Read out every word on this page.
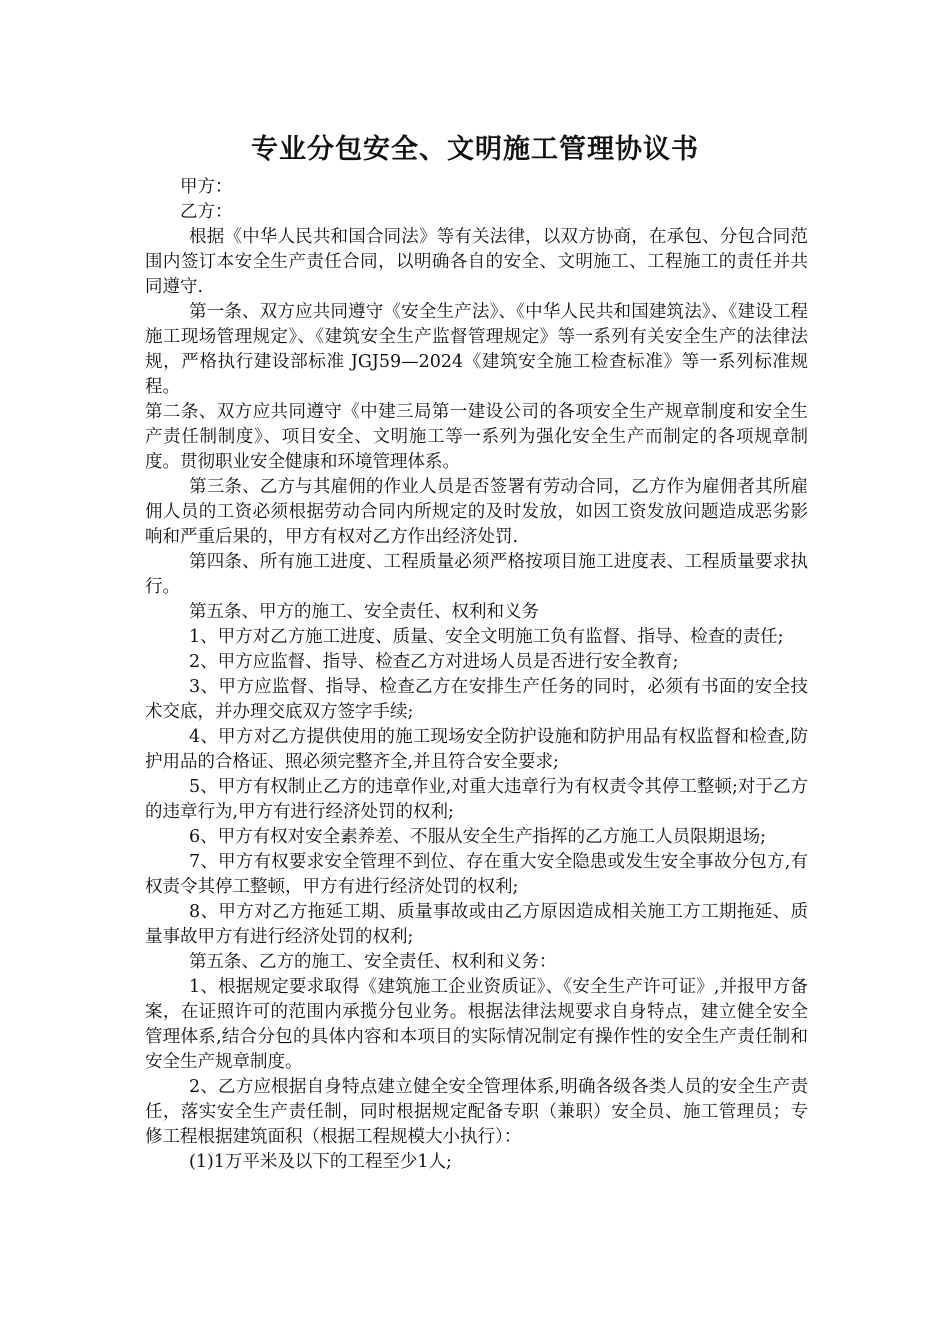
专业分包安全、文明施工管理协议书

甲方：

乙方：

根据《中华人民共和国合同法》等有关法律，以双方协商，在承包、分包合同范围内签订本安全生产责任合同，以明确各自的安全、文明施工、工程施工的责任并共同遵守.

第一条、双方应共同遵守《安全生产法》、《中华人民共和国建筑法》、《建设工程施工现场管理规定》、《建筑安全生产监督管理规定》等一系列有关安全生产的法律法规，严格执行建设部标准 JGJ59—2024《建筑安全施工检查标准》等一系列标准规程。

第二条、双方应共同遵守《中建三局第一建设公司的各项安全生产规章制度和安全生产责任制制度》、项目安全、文明施工等一系列为强化安全生产而制定的各项规章制度。贯彻职业安全健康和环境管理体系。

第三条、乙方与其雇佣的作业人员是否签署有劳动合同，乙方作为雇佣者其所雇佣人员的工资必须根据劳动合同内所规定的及时发放，如因工资发放问题造成恶劣影响和严重后果的，甲方有权对乙方作出经济处罚.

第四条、所有施工进度、工程质量必须严格按项目施工进度表、工程质量要求执行。

第五条、甲方的施工、安全责任、权利和义务

1、甲方对乙方施工进度、质量、安全文明施工负有监督、指导、检查的责任;

2、甲方应监督、指导、检查乙方对进场人员是否进行安全教育;

3、甲方应监督、指导、检查乙方在安排生产任务的同时，必须有书面的安全技术交底，并办理交底双方签字手续;

4、甲方对乙方提供使用的施工现场安全防护设施和防护用品有权监督和检查,防护用品的合格证、照必须完整齐全,并且符合安全要求;

5、甲方有权制止乙方的违章作业,对重大违章行为有权责令其停工整顿;对于乙方的违章行为,甲方有进行经济处罚的权利;

6、甲方有权对安全素养差、不服从安全生产指挥的乙方施工人员限期退场;

7、甲方有权要求安全管理不到位、存在重大安全隐患或发生安全事故分包方,有权责令其停工整顿，甲方有进行经济处罚的权利;

8、甲方对乙方拖延工期、质量事故或由乙方原因造成相关施工方工期拖延、质量事故甲方有进行经济处罚的权利;

第五条、乙方的施工、安全责任、权利和义务：

1、根据规定要求取得《建筑施工企业资质证》、《安全生产许可证》,并报甲方备案，在证照许可的范围内承揽分包业务。根据法律法规要求自身特点，建立健全安全管理体系,结合分包的具体内容和本项目的实际情况制定有操作性的安全生产责任制和安全生产规章制度。

2、乙方应根据自身特点建立健全安全管理体系,明确各级各类人员的安全生产责任，落实安全生产责任制，同时根据规定配备专职（兼职）安全员、施工管理员；专修工程根据建筑面积（根据工程规模大小执行）：

(1)1万平米及以下的工程至少1人;
